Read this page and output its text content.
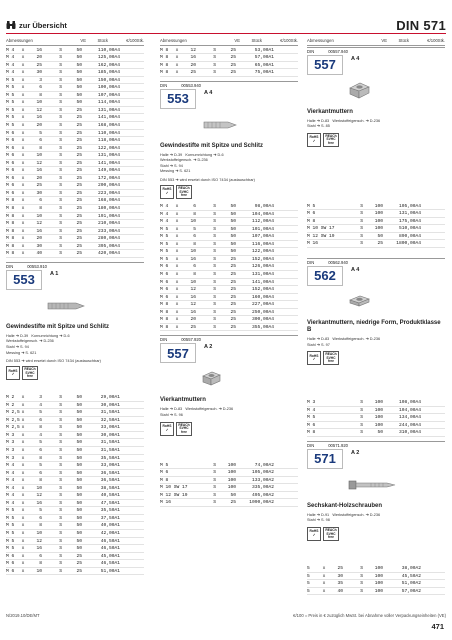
zur Übersicht	DIN 571
Abmessungen	VE	Stück	€/100Stk.
M 4	x	16	S	50	110,00A4
M 4	x	20	S	50	125,00A4
M 4	x	25	S	50	162,00A4
M 4	x	30	S	50	185,00A4
M 5	x	3	S	50	150,00A4
M 5	x	6	S	50	100,00A4
M 5	x	8	S	50	107,00A4
M 5	x	10	S	50	114,00A4
M 5	x	12	S	25	131,00A4
M 5	x	16	S	25	141,00A4
M 5	x	20	S	25	168,00A4
M 6	x	5	S	25	110,00A4
M 6	x	6	S	25	118,00A4
M 6	x	8	S	25	122,00A4
M 6	x	10	S	25	131,00A4
M 6	x	12	S	25	141,00A4
M 6	x	16	S	25	149,00A4
M 6	x	20	S	25	172,00A4
M 6	x	25	S	25	200,00A4
M 6	x	30	S	25	223,00A4
M 8	x	6	S	25	168,00A4
M 8	x	8	S	25	180,00A4
M 8	x	10	S	25	191,00A4
M 8	x	12	S	25	210,00A4
M 8	x	16	S	25	233,00A4
M 8	x	20	S	25	280,00A4
M 8	x	30	S	25	395,00A4
M 8	x	40	S	25	420,00A4
DIN	00553.910
553	A 1
Gewindestifte mit Spitze und Schlitz
Halle ➔ D-39 Kornumrichtung ➔ D-6
Werkstoffeigensch. ➔ D-236
Stahl ➔ S. 94
Messing ➔ S. 621
DIN 553 ➔ wird ersetzt durch ISO 7434 (austauschbar)
RoHS
✓
REACh
SVHC
free
M 2	x	3	S	50	29,00A1
M 2	x	4	S	50	30,00A1
M 2,5 x	5	S	50	31,50A1
M 2,5 x	6	S	50	32,50A1
M 2,5 x	8	S	50	33,00A1
M 3	x	4	S	50	30,00A1
M 3	x	5	S	50	31,50A1
M 3	x	6	S	50	31,50A1
M 3	x	8	S	50	35,50A1
M 4	x	5	S	50	33,00A1
M 4	x	6	S	50	36,50A1
M 4	x	8	S	50	36,50A1
M 4	x	10	S	50	38,50A1
M 4	x	12	S	50	40,50A1
M 4	x	16	S	50	47,50A1
M 5	x	5	S	50	35,50A1
M 5	x	6	S	50	37,50A1
M 5	x	8	S	50	40,00A1
M 5	x	10	S	50	42,00A1
M 5	x	12	S	50	46,50A1
M 5	x	16	S	50	46,50A1
M 6	x	6	S	25	45,00A1
M 6	x	8	S	25	46,50A1
M 6	x	10	S	25	51,00A1
Abmessungen	VE	Stück	€/100Stk.
M 8	x	12	S	25	53,00A1
M 8	x	16	S	25	57,00A1
M 8	x	20	S	25	65,00A1
M 8	x	25	S	25	75,00A1
DIN	00553.940
553	A 4
Gewindestifte mit Spitze und Schlitz
Halle ➔ D-39 Kornumrichtung ➔ D-6
Werkstoffeigensch. ➔ D-236
Stahl ➔ S. 94
Messing ➔ S. 621
DIN 553 ➔ wird ersetzt durch ISO 7434 (austauschbar)
RoHS
✓
REACh
SVHC
free
M 4	x	6	S	50	98,00A4
M 4	x	8	S	50	104,00A4
M 4	x	10	S	50	112,00A4
M 5	x	5	S	50	101,00A4
M 5	x	6	S	50	107,00A4
M 5	x	8	S	50	116,00A4
M 5	x	10	S	50	122,00A4
M 5	x	16	S	25	152,00A4
M 6	x	6	S	25	126,00A4
M 6	x	8	S	25	131,00A4
M 6	x	10	S	25	141,00A4
M 6	x	12	S	25	152,00A4
M 6	x	16	S	25	160,00A4
M 8	x	12	S	25	227,00A4
M 8	x	16	S	25	250,00A4
M 8	x	20	S	25	300,00A4
M 8	x	25	S	25	355,00A4
DIN	00557.920
557	A 2
Vierkantmuttern
Halle ➔ D-83 Werkstoffeigensch. ➔ D-236
Stahl ➔ S. 96
RoHS
✓
REACh
SVHC
free
M 5	S	100	74,00A2
M 6	S	100	105,00A2
M 8	S	100	133,00A2
M 10 SW 17	S	100	335,00A2
M 12 SW 19	S	50	495,00A2
M 16	S	25	1090,00A2
Abmessungen	VE	Stück	€/100Stk.
DIN	00557.940
557	A 4
Vierkantmuttern
Halle ➔ D-83 Werkstoffeigensch. ➔ D-236
Stahl ➔ S. 85
RoHS
✓
REACh
SVHC
free
M 5	S	100	105,00A4
M 6	S	100	131,00A4
M 8	S	100	175,00A4
M 10 SW 17	S	100	510,00A4
M 12 SW 19	S	50	890,00A4
M 16	S	25	1800,00A4
DIN	00562.940
562	A 4
Vierkantmuttern, niedrige Form, Produktklasse B
Halle ➔ D-83 Werkstoffeigensch. ➔ D-236
Stahl ➔ S. 97
RoHS
✓
REACh
SVHC
free
M 3	S	100	108,00A4
M 4	S	100	104,00A4
M 5	S	100	134,00A4
M 6	S	100	244,00A4
M 8	S	50	310,00A4
DIN	00571.920
571	A 2
Sechskant-Holzschrauben
Halle ➔ D-91 Werkstoffeigensch. ➔ D-236
Stahl ➔ S. 98
RoHS
✓
REACh
SVHC
free
5	x	25	S	100	38,00A2
5	x	30	S	100	45,50A2
5	x	35	S	100	51,00A2
5	x	40	S	100	57,00A2
N/2019.10/DE/MT	€/100 = Preis in € zuzüglich MwSt. bei Abnahme voller Verpackungseinheiten (VE)
471
